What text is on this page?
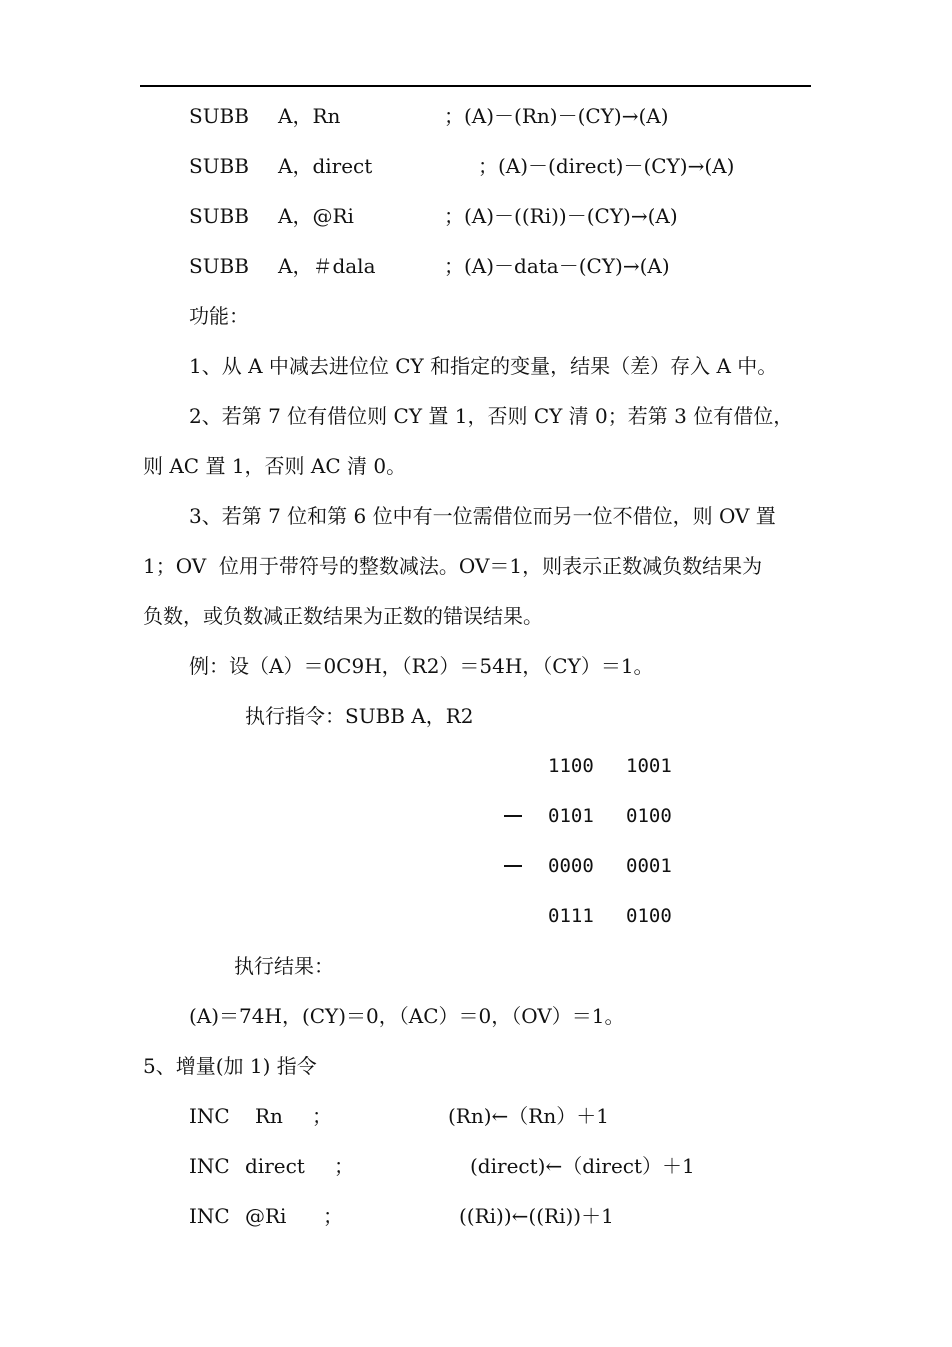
SUBB A，Rn	；(A)－(Rn)－(CY)→(A)
SUBB A，direct	；(A)－(direct)－(CY)→(A)
SUBB A，@Ri	；(A)－((Ri))－(CY)→(A)
SUBB A，＃dala	；(A)－data－(CY)→(A)
功能：
1、从 A 中减去进位位 CY 和指定的变量，结果（差）存入 A 中。
2、若第 7 位有借位则 CY 置 1，否则 CY 清 0；若第 3 位有借位，
则 AC 置 1，否则 AC 清 0。
3、若第 7 位和第 6 位中有一位需借位而另一位不借位，则 OV 置
1；OV  位用于带符号的整数减法。OV＝1，则表示正数减负数结果为
负数，或负数减正数结果为正数的错误结果。
例：设（A）＝0C9H，（R2）＝54H，（CY）＝1。
执行指令：SUBB A，R2
1100 1001
0101 0100
0000 0001
0111 0100
执行结果：
(A)＝74H，(CY)＝0，（AC）＝0，（OV）＝1。
5、增量(加 1) 指令
INC Rn ；	(Rn)←（Rn）＋1
INC direct ；	(direct)←（direct）＋1
INC @Ri ；	((Ri))←((Ri))＋1
